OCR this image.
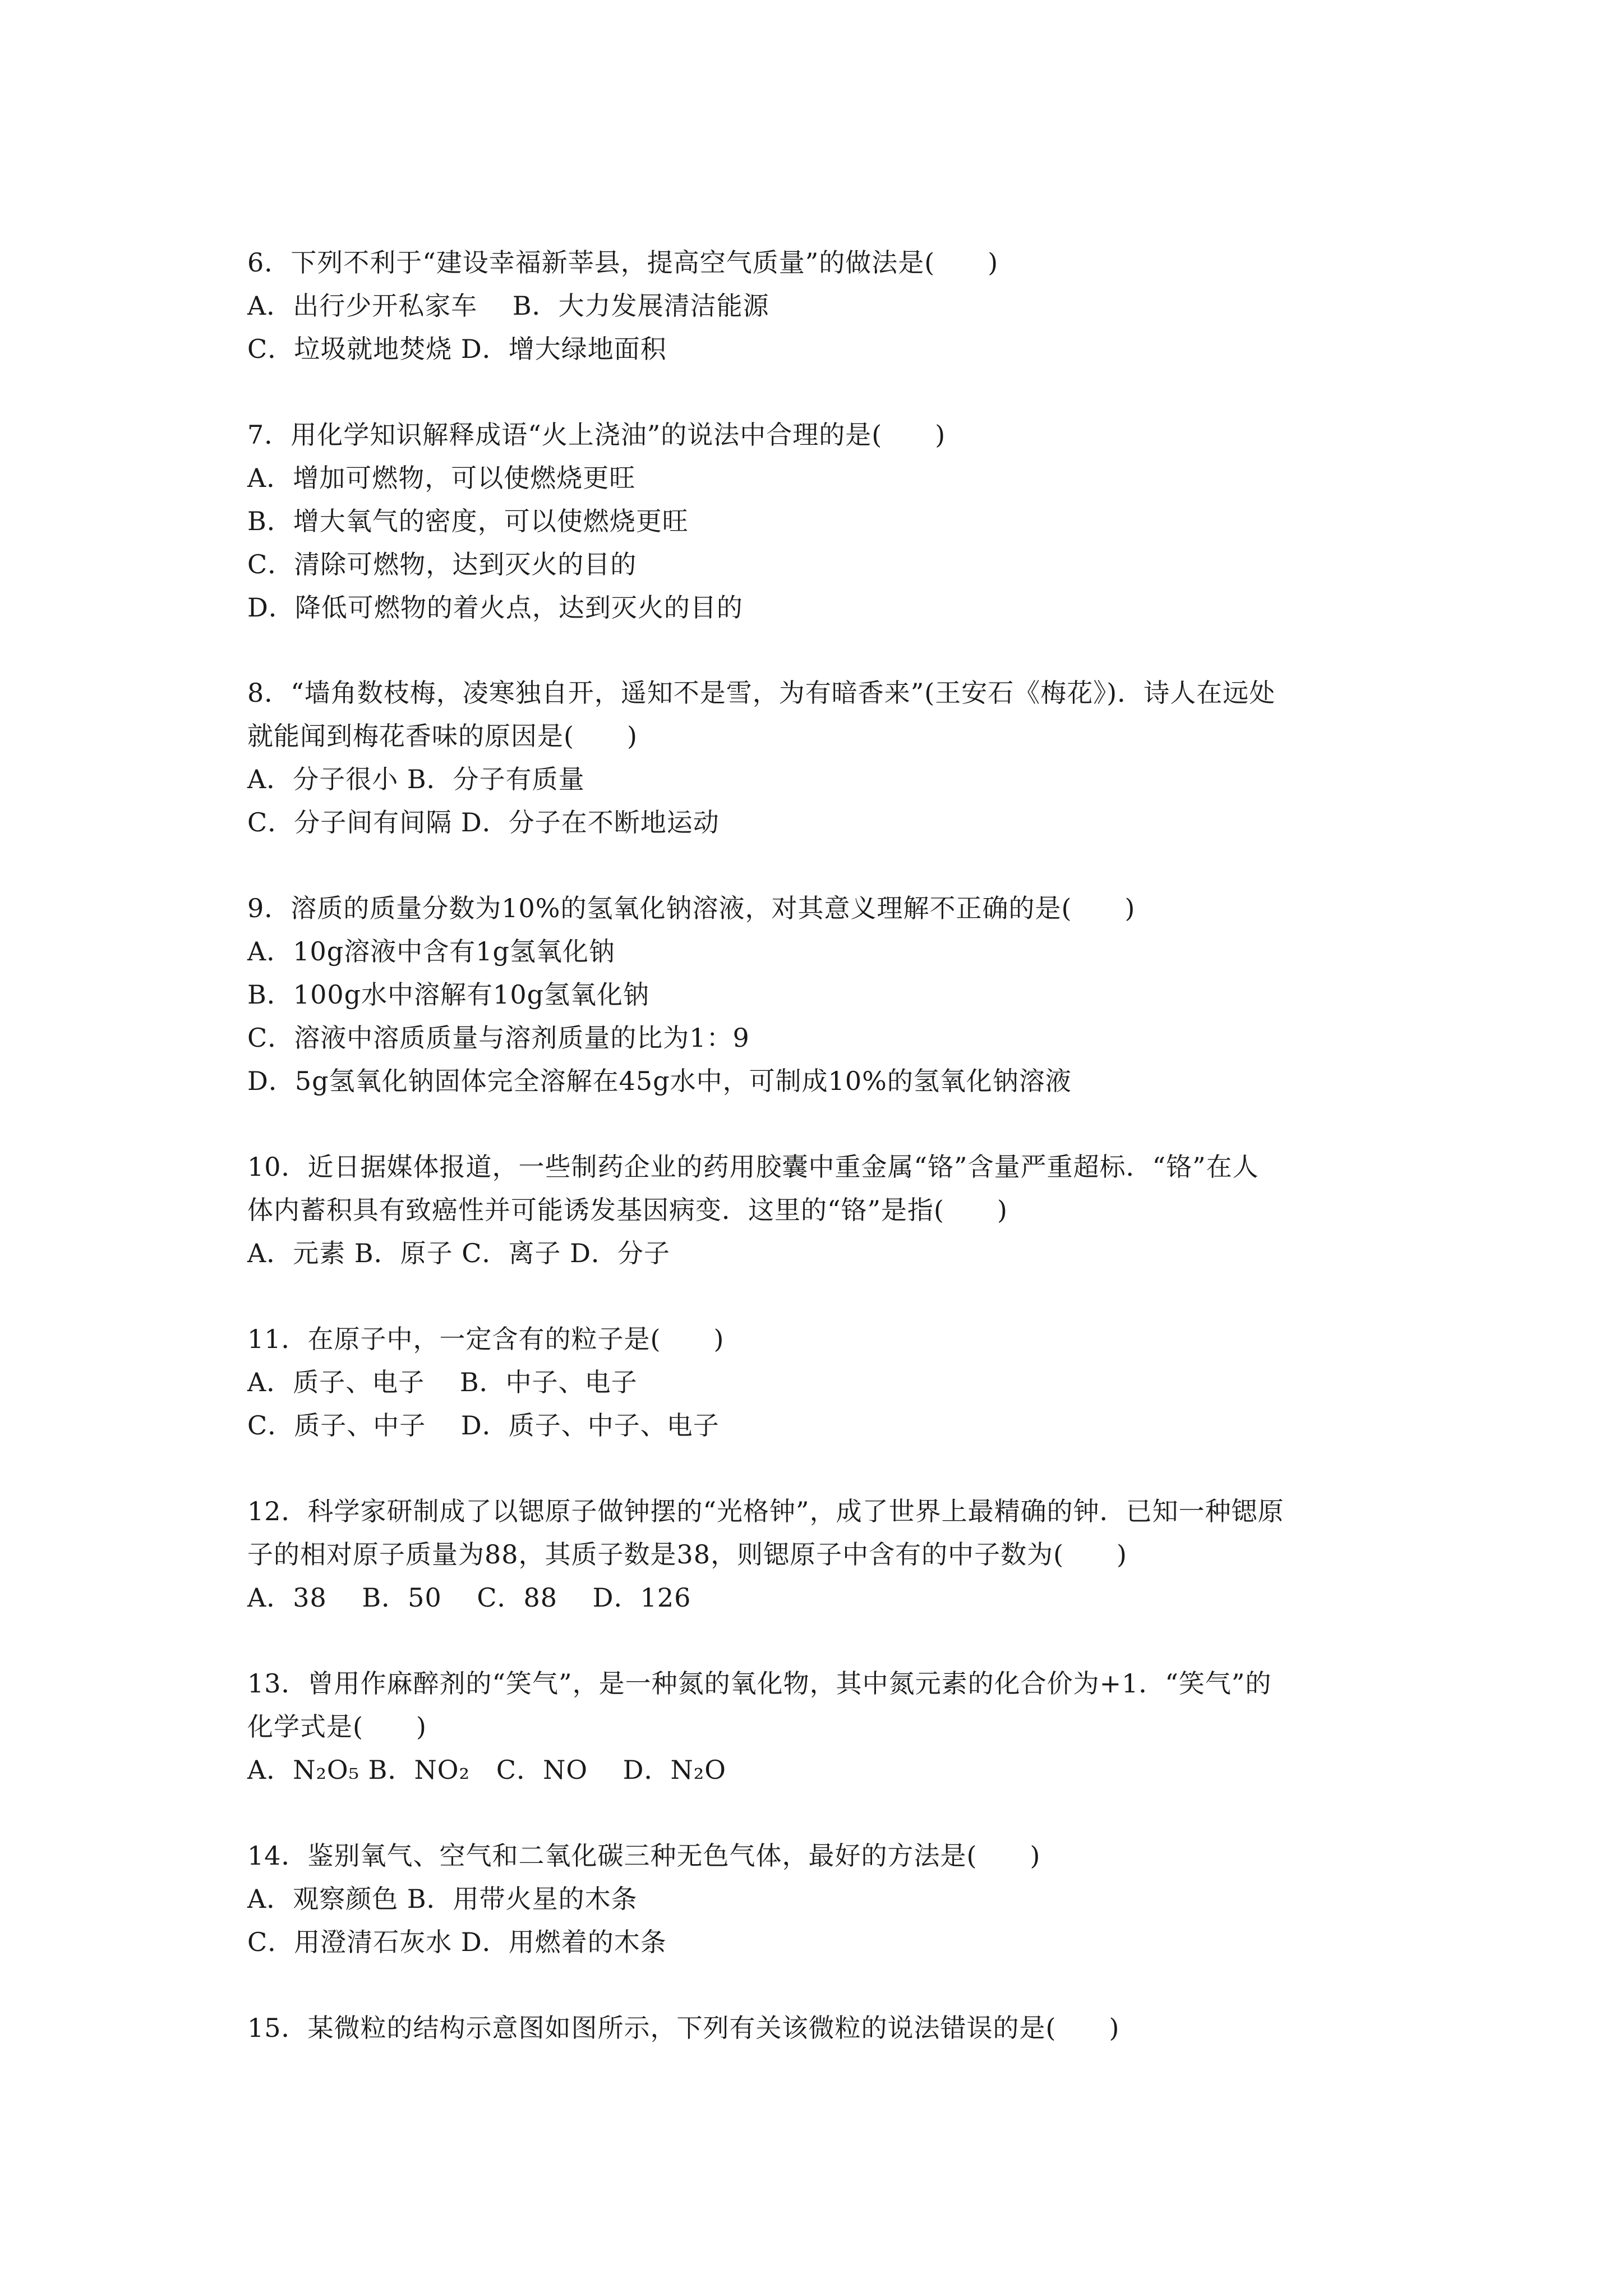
6．下列不利于“建设幸福新莘县，提高空气质量”的做法是(　　)
A．出行少开私家车　 B．大力发展清洁能源
C．垃圾就地焚烧 D．增大绿地面积
7．用化学知识解释成语“火上浇油”的说法中合理的是(　　)
A．增加可燃物，可以使燃烧更旺
B．增大氧气的密度，可以使燃烧更旺
C．清除可燃物，达到灭火的目的
D．降低可燃物的着火点，达到灭火的目的
8．“墙角数枝梅，凌寒独自开，遥知不是雪，为有暗香来”(王安石《梅花》)．诗人在远处
就能闻到梅花香味的原因是(　　)
A．分子很小 B．分子有质量
C．分子间有间隔 D．分子在不断地运动
9．溶质的质量分数为10%的氢氧化钠溶液，对其意义理解不正确的是(　　)
A．10g溶液中含有1g氢氧化钠
B．100g水中溶解有10g氢氧化钠
C．溶液中溶质质量与溶剂质量的比为1：9
D．5g氢氧化钠固体完全溶解在45g水中，可制成10%的氢氧化钠溶液
10．近日据媒体报道，一些制药企业的药用胶囊中重金属“铬”含量严重超标．“铬”在人
体内蓄积具有致癌性并可能诱发基因病变．这里的“铬”是指(　　)
A．元素 B．原子 C．离子 D．分子
11．在原子中，一定含有的粒子是(　　)
A．质子、电子　 B．中子、电子
C．质子、中子　 D．质子、中子、电子
12．科学家研制成了以锶原子做钟摆的“光格钟”，成了世界上最精确的钟．已知一种锶原
子的相对原子质量为88，其质子数是38，则锶原子中含有的中子数为(　　)
A．38　 B．50　 C．88　 D．126
13．曾用作麻醉剂的“笑气”，是一种氮的氧化物，其中氮元素的化合价为+1．“笑气”的
化学式是(　　)
A．N₂O₅ B．NO₂　C．NO　 D．N₂O
14．鉴别氧气、空气和二氧化碳三种无色气体，最好的方法是(　　)
A．观察颜色 B．用带火星的木条
C．用澄清石灰水 D．用燃着的木条
15．某微粒的结构示意图如图所示，下列有关该微粒的说法错误的是(　　)
